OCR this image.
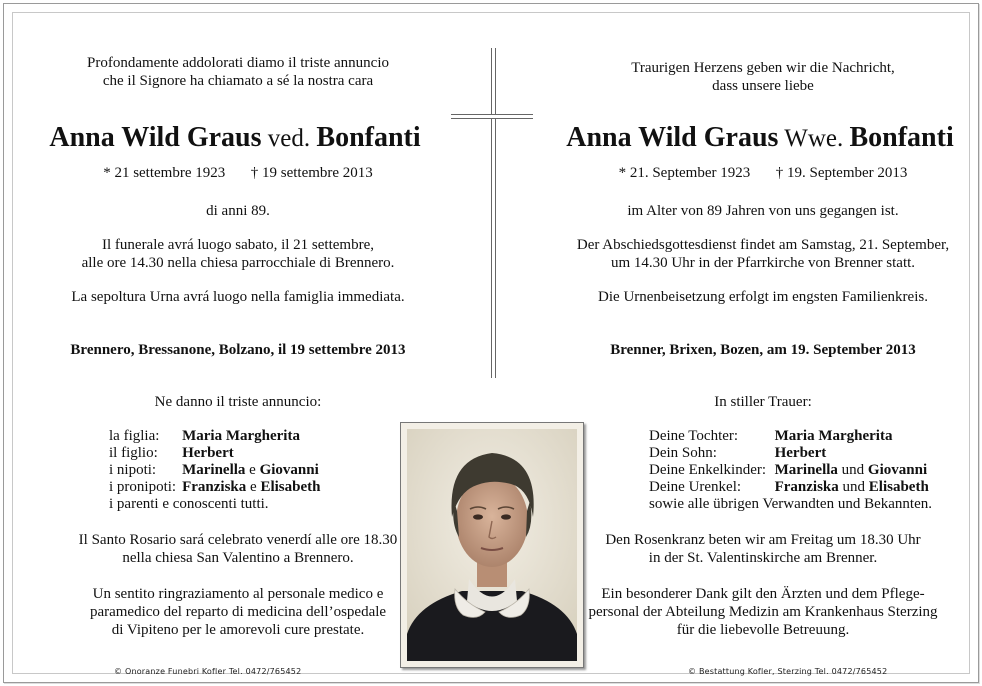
Profondamente addolorati diamo il triste annuncio
che il Signore ha chiamato a sé la nostra cara
Anna Wild Graus ved. Bonfanti
* 21 settembre 1923 † 19 settembre 2013
di anni 89.
Il funerale avrá luogo sabato, il 21 settembre,
alle ore 14.30 nella chiesa parrocchiale di Brennero.
La sepoltura Urna avrá luogo nella famiglia immediata.
Brennero, Bressanone, Bolzano, il 19 settembre 2013
Ne danno il triste annuncio:
la figlia:	Maria Margherita
il figlio:	Herbert
i nipoti:	Marinella e Giovanni
i pronipoti:	Franziska e Elisabeth
i parenti e conoscenti tutti.	
Il Santo Rosario sará celebrato venerdí alle ore 18.30
nella chiesa San Valentino a Brennero.
Un sentito ringraziamento al personale medico e
paramedico del reparto di medicina dell’ospedale
di Vipiteno per le amorevoli cure prestate.
© Onoranze Funebri Kofler Tel. 0472/765452
Traurigen Herzens geben wir die Nachricht,
dass unsere liebe
Anna Wild Graus Wwe. Bonfanti
* 21. September 1923 † 19. September 2013
im Alter von 89 Jahren von uns gegangen ist.
Der Abschiedsgottesdienst findet am Samstag, 21. September,
um 14.30 Uhr in der Pfarrkirche von Brenner statt.
Die Urnenbeisetzung erfolgt im engsten Familienkreis.
Brenner, Brixen, Bozen, am 19. September 2013
In stiller Trauer:
Deine Tochter:	Maria Margherita
Dein Sohn:	Herbert
Deine Enkelkinder:	Marinella und Giovanni
Deine Urenkel:	Franziska und Elisabeth
sowie alle übrigen Verwandten und Bekannten.	
Den Rosenkranz beten wir am Freitag um 18.30 Uhr
in der St. Valentinskirche am Brenner.
Ein besonderer Dank gilt den Ärzten und dem Pflege-
personal der Abteilung Medizin am Krankenhaus Sterzing
für die liebevolle Betreuung.
© Bestattung Kofler, Sterzing Tel. 0472/765452
